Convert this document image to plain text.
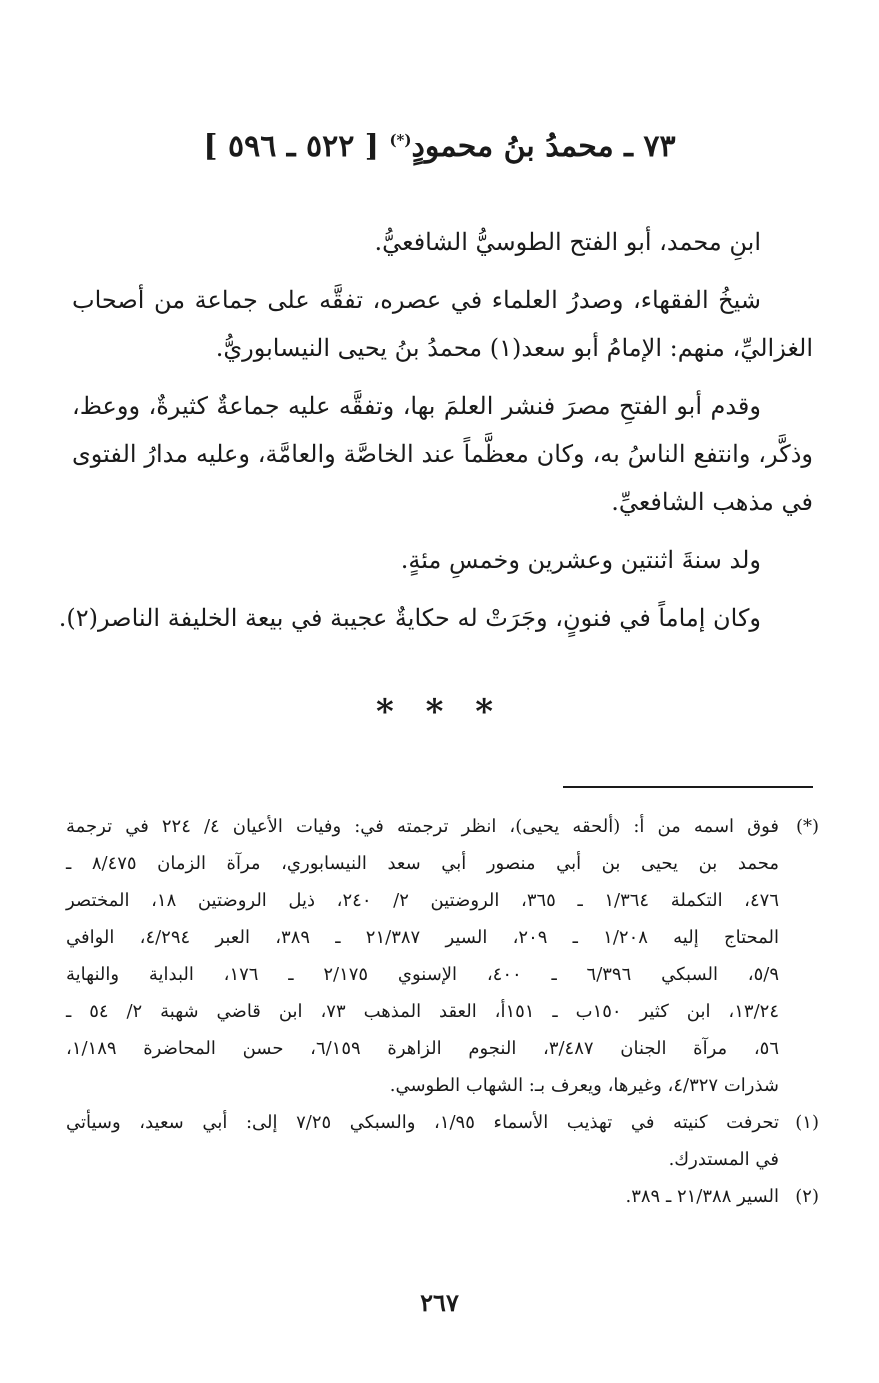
٧٣ ـ محمدُ بنُ محمودٍ(*) [ ٥٢٢ ـ ٥٩٦ ]
ابنِ محمد، أبو الفتح الطوسيُّ الشافعيُّ.
شيخُ الفقهاء، وصدرُ العلماء في عصره، تفقَّه على جماعة من أصحاب
الغزاليِّ، منهم: الإمامُ أبو سعد(١) محمدُ بنُ يحيى النيسابوريُّ.
وقدم أبو الفتحِ مصرَ فنشر العلمَ بها، وتفقَّه عليه جماعةٌ كثيرةٌ، ووعظ،
وذكَّر، وانتفع الناسُ به، وكان معظَّماً عند الخاصَّة والعامَّة، وعليه مدارُ الفتوى
في مذهب الشافعيِّ.
ولد سنةَ اثنتين وعشرين وخمسِ مئةٍ.
وكان إماماً في فنونٍ، وجَرَتْ له حكايةٌ عجيبة في بيعة الخليفة الناصر(٢).
* * *
(*)
فوق اسمه من أ: (ألحقه يحيى)، انظر ترجمته في: وفيات الأعيان ٤/ ٢٢٤ في ترجمة
محمد بن يحيى بن أبي منصور أبي سعد النيسابوري، مرآة الزمان ٨/٤٧٥ ـ
٤٧٦، التكملة ١/٣٦٤ ـ ٣٦٥، الروضتين ٢/ ٢٤٠، ذيل الروضتين ١٨، المختصر
المحتاج إليه ١/٢٠٨ ـ ٢٠٩، السير ٢١/٣٨٧ ـ ٣٨٩، العبر ٤/٢٩٤، الوافي
٥/٩، السبكي ٦/٣٩٦ ـ ٤٠٠، الإسنوي ٢/١٧٥ ـ ١٧٦، البداية والنهاية
١٣/٢٤، ابن كثير ١٥٠ب ـ ١٥١أ، العقد المذهب ٧٣، ابن قاضي شهبة ٢/ ٥٤ ـ
٥٦، مرآة الجنان ٣/٤٨٧، النجوم الزاهرة ٦/١٥٩، حسن المحاضرة ١/١٨٩،
شذرات ٤/٣٢٧، وغيرها، ويعرف بـ: الشهاب الطوسي.
(١)
تحرفت كنيته في تهذيب الأسماء ١/٩٥، والسبكي ٧/٢٥ إلى: أبي سعيد، وسيأتي
في المستدرك.
(٢)
السير ٢١/٣٨٨ ـ ٣٨٩.
٢٦٧
